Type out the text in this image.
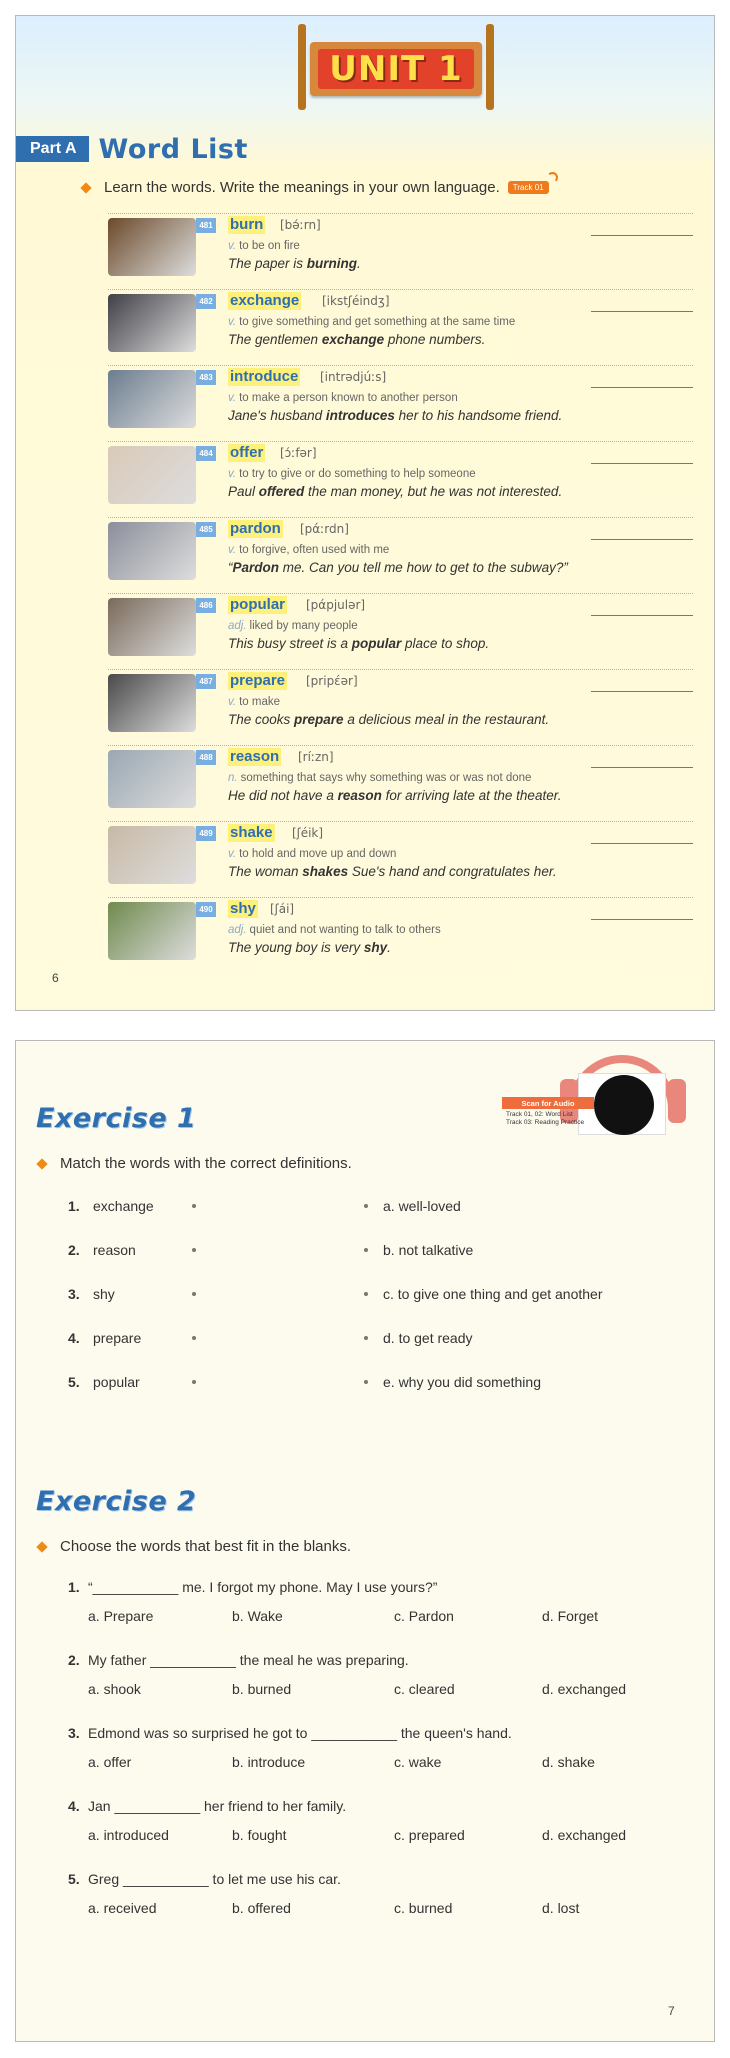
UNIT 1
Part A Word List
Learn the words. Write the meanings in your own language.	Track 01
481 burn [bə́ːrn]
v. to be on fire
The paper is burning.
482 exchange [ikstʃéindʒ]
v. to give something and get something at the same time
The gentlemen exchange phone numbers.
483 introduce [intrədjúːs]
v. to make a person known to another person
Jane's husband introduces her to his handsome friend.
484 offer [ɔ́ːfər]
v. to try to give or do something to help someone
Paul offered the man money, but he was not interested.
485 pardon [pάːrdn]
v. to forgive, often used with me
“Pardon me. Can you tell me how to get to the subway?”
486 popular [pάpjulər]
adj. liked by many people
This busy street is a popular place to shop.
487 prepare [pripέər]
v. to make
The cooks prepare a delicious meal in the restaurant.
488 reason [ríːzn]
n. something that says why something was or was not done
He did not have a reason for arriving late at the theater.
489 shake [ʃéik]
v. to hold and move up and down
The woman shakes Sue's hand and congratulates her.
490 shy [ʃái]
adj. quiet and not wanting to talk to others
The young boy is very shy.
6
Scan for Audio
Track 01, 02: Word List
Track 03: Reading Practice
Exercise 1
Match the words with the correct definitions.
1. exchange	a. well-loved
2. reason	b. not talkative
3. shy	c. to give one thing and get another
4. prepare	d. to get ready
5. popular	e. why you did something
Exercise 2
Choose the words that best fit in the blanks.
1. “___________ me. I forgot my phone. May I use yours?”
a. Prepare	b. Wake	c. Pardon	d. Forget
2. My father ___________ the meal he was preparing.
a. shook	b. burned	c. cleared	d. exchanged
3. Edmond was so surprised he got to ___________ the queen's hand.
a. offer	b. introduce	c. wake	d. shake
4. Jan ___________ her friend to her family.
a. introduced	b. fought	c. prepared	d. exchanged
5. Greg ___________ to let me use his car.
a. received	b. offered	c. burned	d. lost
7
